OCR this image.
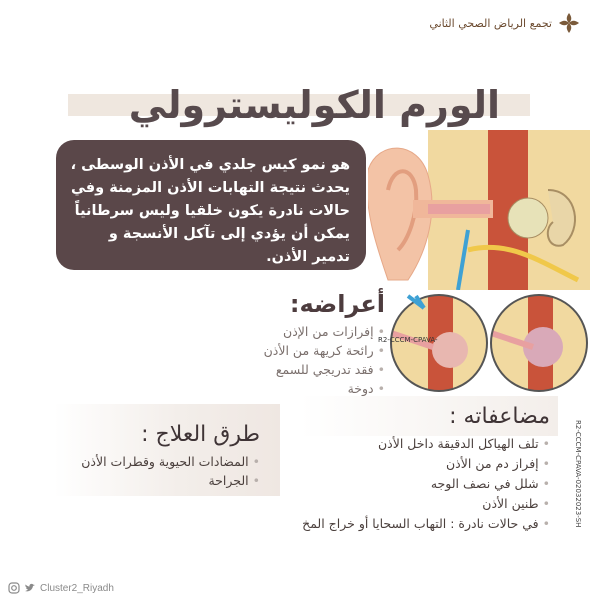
تجمع الرياض الصحي الثاني
الورم الكوليسترولي
هو نمو كيس جلدي في الأذن الوسطى ، يحدث نتيجة التهابات الأذن المزمنة وفي حالات نادرة يكون خلقيا وليس سرطانياً يمكن أن يؤدي إلى تآكل الأنسجة و تدمير الأذن.
R2-CCCM-CPAVA-
R2-CCCM-CPAVA-02032023-SH
أعراضه:
• إفرازات من الإذن
• رائحة كريهة من الأذن
• فقد تدريجي للسمع
• دوخة
طرق العلاج :
• المضادات الحيوية وقطرات الأذن
• الجراحة
مضاعفاته :
• تلف الهياكل الدقيقة داخل الأذن
• إفراز دم من الأذن
• شلل في نصف الوجه
• طنين الأذن
• في حالات نادرة : التهاب السحايا أو خراج المخ
Cluster2_Riyadh
